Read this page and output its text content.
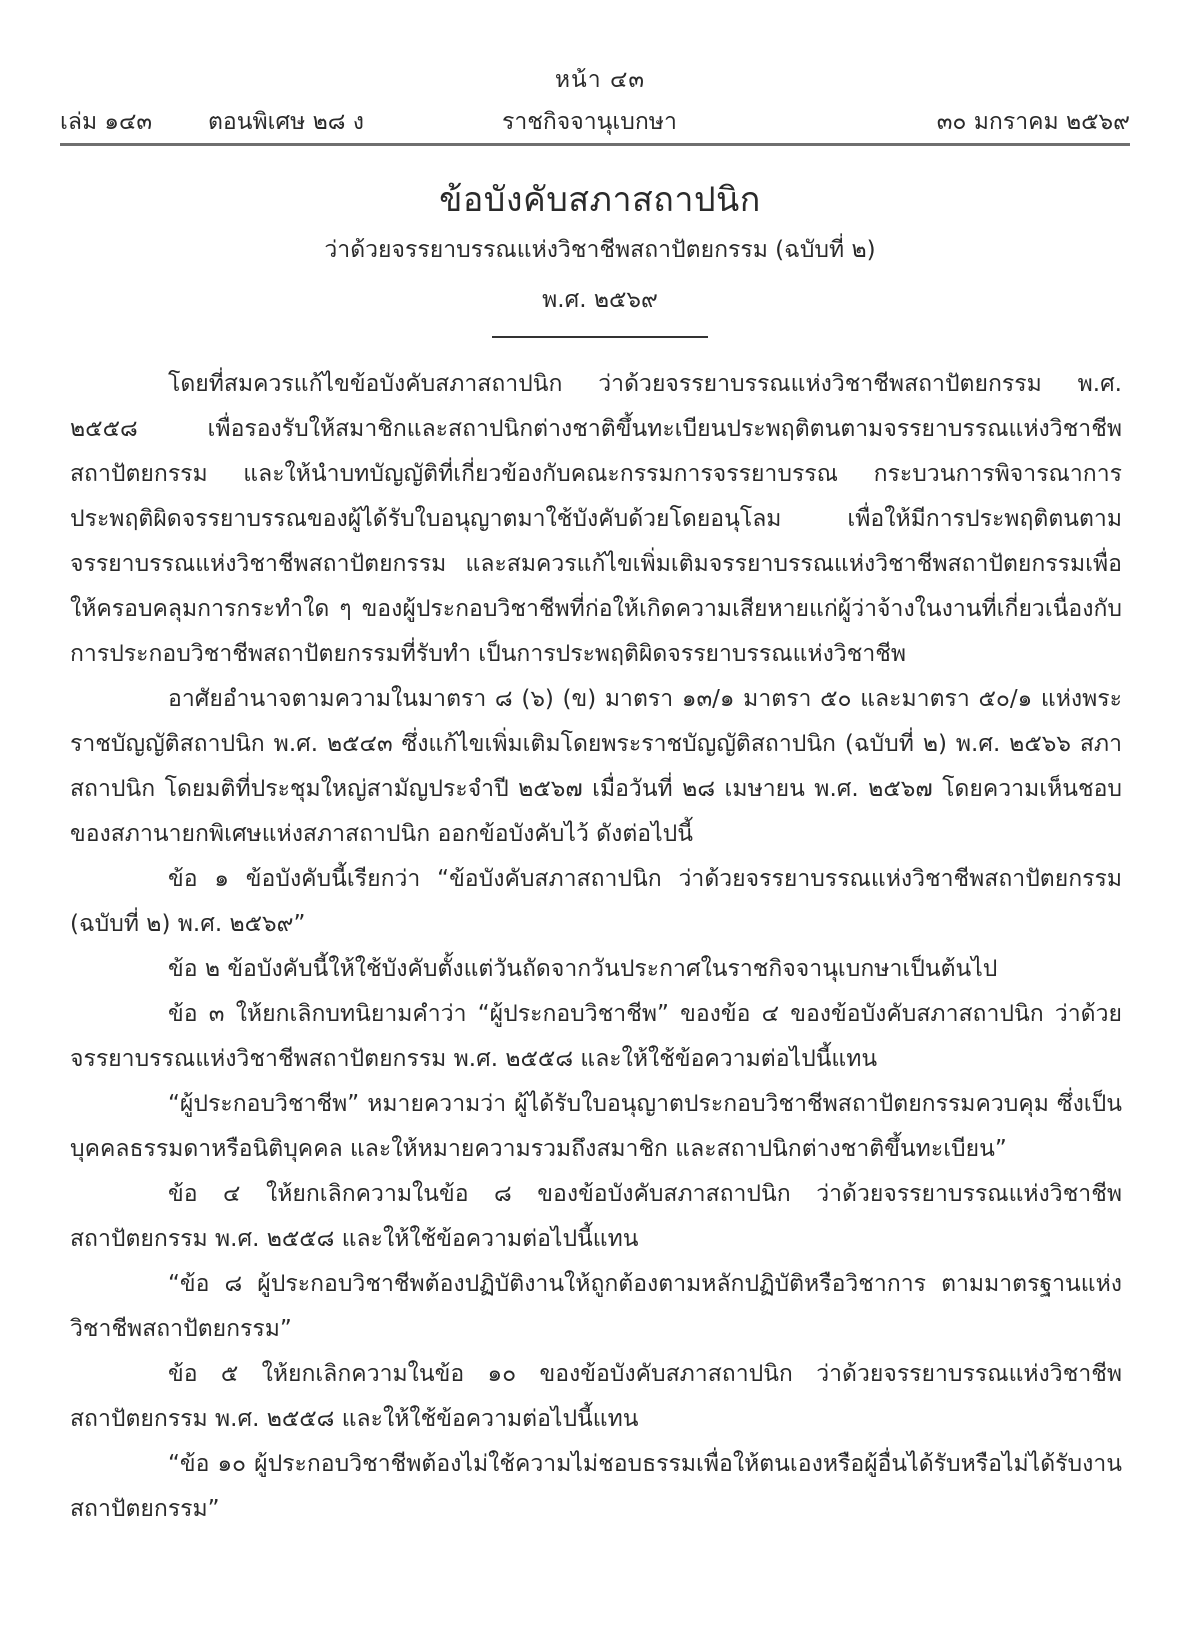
หน้า ๔๓
เล่ม ๑๔๓ ตอนพิเศษ ๒๘ ง	ราชกิจจานุเบกษา	๓๐ มกราคม ๒๕๖๙
ข้อบังคับสภาสถาปนิก
ว่าด้วยจรรยาบรรณแห่งวิชาชีพสถาปัตยกรรม (ฉบับที่ ๒)
พ.ศ. ๒๕๖๙

โดยที่สมควรแก้ไขข้อบังคับสภาสถาปนิก ว่าด้วยจรรยาบรรณแห่งวิชาชีพสถาปัตยกรรม พ.ศ. ๒๕๕๘ เพื่อรองรับให้สมาชิกและสถาปนิกต่างชาติขึ้นทะเบียนประพฤติตนตามจรรยาบรรณแห่งวิชาชีพสถาปัตยกรรม และให้นำบทบัญญัติที่เกี่ยวข้องกับคณะกรรมการจรรยาบรรณ กระบวนการพิจารณาการประพฤติผิดจรรยาบรรณของผู้ได้รับใบอนุญาตมาใช้บังคับด้วยโดยอนุโลม เพื่อให้มีการประพฤติตนตามจรรยาบรรณแห่งวิชาชีพสถาปัตยกรรม และสมควรแก้ไขเพิ่มเติมจรรยาบรรณแห่งวิชาชีพสถาปัตยกรรมเพื่อให้ครอบคลุมการกระทำใด ๆ ของผู้ประกอบวิชาชีพที่ก่อให้เกิดความเสียหายแก่ผู้ว่าจ้างในงานที่เกี่ยวเนื่องกับการประกอบวิชาชีพสถาปัตยกรรมที่รับทำ เป็นการประพฤติผิดจรรยาบรรณแห่งวิชาชีพ

อาศัยอำนาจตามความในมาตรา ๘ (๖) (ข) มาตรา ๑๓/๑ มาตรา ๕๐ และมาตรา ๕๐/๑ แห่งพระราชบัญญัติสถาปนิก พ.ศ. ๒๕๔๓ ซึ่งแก้ไขเพิ่มเติมโดยพระราชบัญญัติสถาปนิก (ฉบับที่ ๒) พ.ศ. ๒๕๖๖ สภาสถาปนิก โดยมติที่ประชุมใหญ่สามัญประจำปี ๒๕๖๗ เมื่อวันที่ ๒๘ เมษายน พ.ศ. ๒๕๖๗ โดยความเห็นชอบของสภานายกพิเศษแห่งสภาสถาปนิก ออกข้อบังคับไว้ ดังต่อไปนี้

ข้อ ๑ ข้อบังคับนี้เรียกว่า “ข้อบังคับสภาสถาปนิก ว่าด้วยจรรยาบรรณแห่งวิชาชีพสถาปัตยกรรม (ฉบับที่ ๒) พ.ศ. ๒๕๖๙”

ข้อ ๒ ข้อบังคับนี้ให้ใช้บังคับตั้งแต่วันถัดจากวันประกาศในราชกิจจานุเบกษาเป็นต้นไป

ข้อ ๓ ให้ยกเลิกบทนิยามคำว่า “ผู้ประกอบวิชาชีพ” ของข้อ ๔ ของข้อบังคับสภาสถาปนิก ว่าด้วยจรรยาบรรณแห่งวิชาชีพสถาปัตยกรรม พ.ศ. ๒๕๕๘ และให้ใช้ข้อความต่อไปนี้แทน

“ผู้ประกอบวิชาชีพ” หมายความว่า ผู้ได้รับใบอนุญาตประกอบวิชาชีพสถาปัตยกรรมควบคุม ซึ่งเป็นบุคคลธรรมดาหรือนิติบุคคล และให้หมายความรวมถึงสมาชิก และสถาปนิกต่างชาติขึ้นทะเบียน”

ข้อ ๔ ให้ยกเลิกความในข้อ ๘ ของข้อบังคับสภาสถาปนิก ว่าด้วยจรรยาบรรณแห่งวิชาชีพสถาปัตยกรรม พ.ศ. ๒๕๕๘ และให้ใช้ข้อความต่อไปนี้แทน

“ข้อ ๘ ผู้ประกอบวิชาชีพต้องปฏิบัติงานให้ถูกต้องตามหลักปฏิบัติหรือวิชาการ ตามมาตรฐานแห่งวิชาชีพสถาปัตยกรรม”

ข้อ ๕ ให้ยกเลิกความในข้อ ๑๐ ของข้อบังคับสภาสถาปนิก ว่าด้วยจรรยาบรรณแห่งวิชาชีพสถาปัตยกรรม พ.ศ. ๒๕๕๘ และให้ใช้ข้อความต่อไปนี้แทน

“ข้อ ๑๐ ผู้ประกอบวิชาชีพต้องไม่ใช้ความไม่ชอบธรรมเพื่อให้ตนเองหรือผู้อื่นได้รับหรือไม่ได้รับงานสถาปัตยกรรม”
